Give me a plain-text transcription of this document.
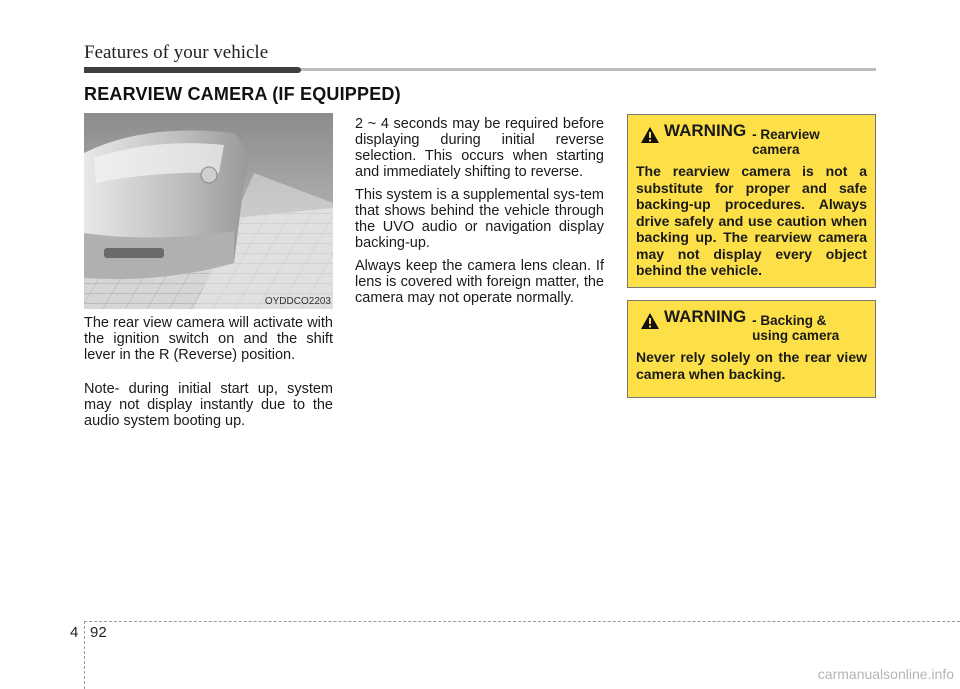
Features of your vehicle
REARVIEW CAMERA (IF EQUIPPED)
OYDDCO2203

The rear view camera will activate with the ignition switch on and the shift lever in the R (Reverse) position.

Note- during initial start up, system may not display instantly due to the audio system booting up.

2 ~ 4 seconds may be required before displaying during initial reverse selection. This occurs when starting and immediately shifting to reverse.

This system is a supplemental sys-tem that shows behind the vehicle through the UVO audio or navigation display backing-up.

Always keep the camera lens clean. If lens is covered with foreign matter, the camera may not operate normally.

WARNING - Rearview
camera
The rearview camera is not a substitute for proper and safe backing-up procedures. Always drive safely and use caution when backing up. The rearview camera may not display every object behind the vehicle.
WARNING - Backing &
using camera
Never rely solely on the rear view camera when backing.
4 92
carmanualsonline.info
